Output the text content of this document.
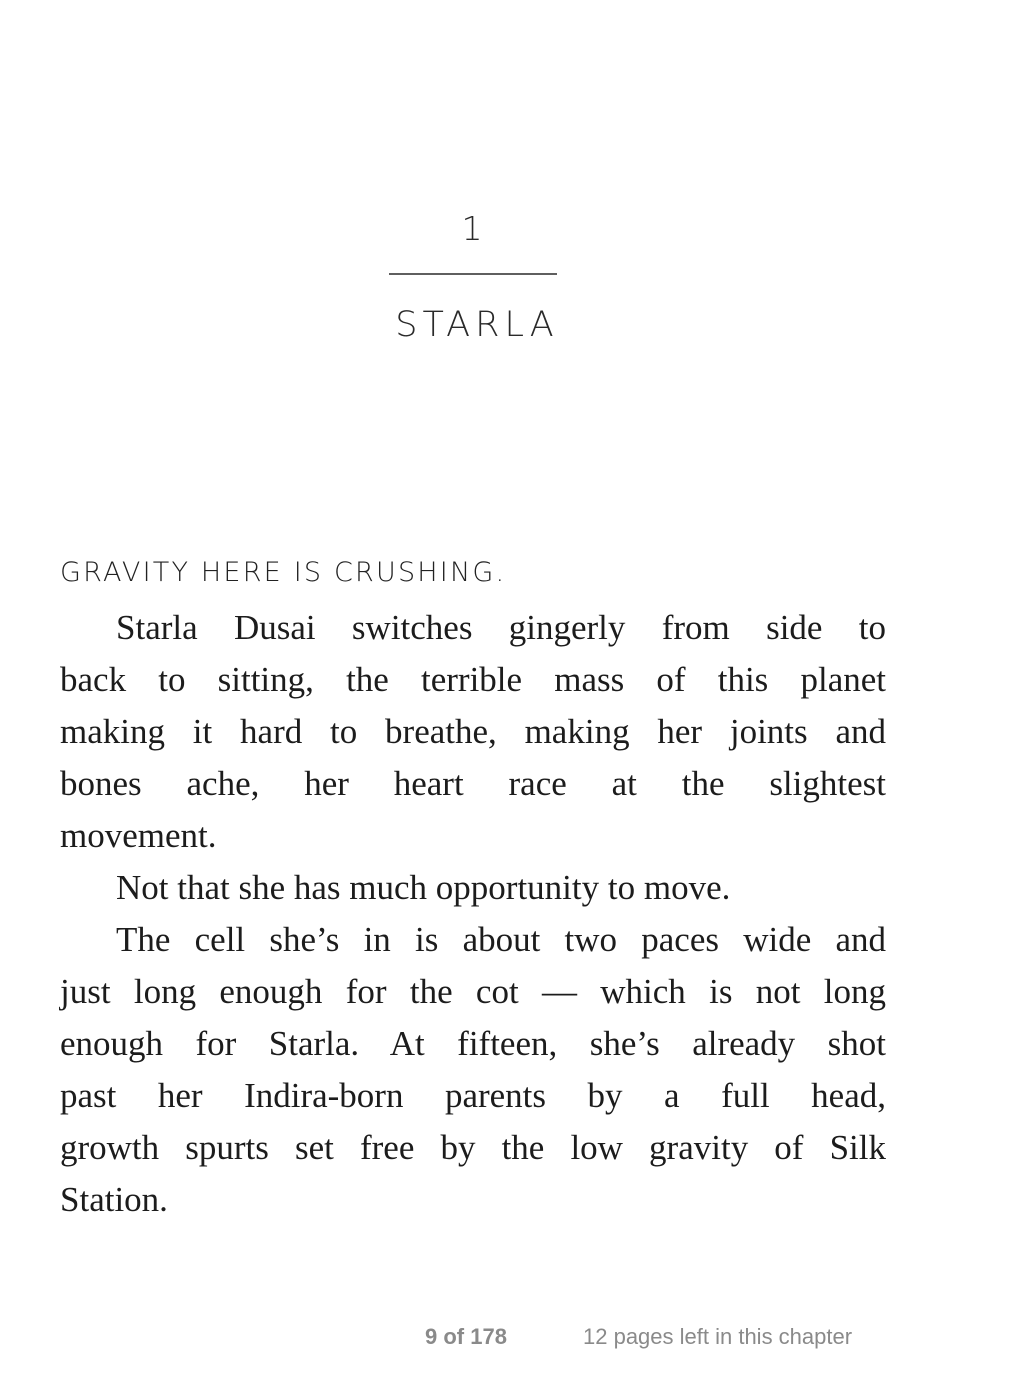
1
STARLA
GRAVITY HERE IS CRUSHING.
Starla Dusai switches gingerly from side to
back to sitting, the terrible mass of this planet
making it hard to breathe, making her joints and
bones ache, her heart race at the slightest
movement.
Not that she has much opportunity to move.
The cell she’s in is about two paces wide and
just long enough for the cot — which is not long
enough for Starla. At fifteen, she’s already shot
past her Indira-born parents by a full head,
growth spurts set free by the low gravity of Silk
Station.
9 of 178	12 pages left in this chapter
